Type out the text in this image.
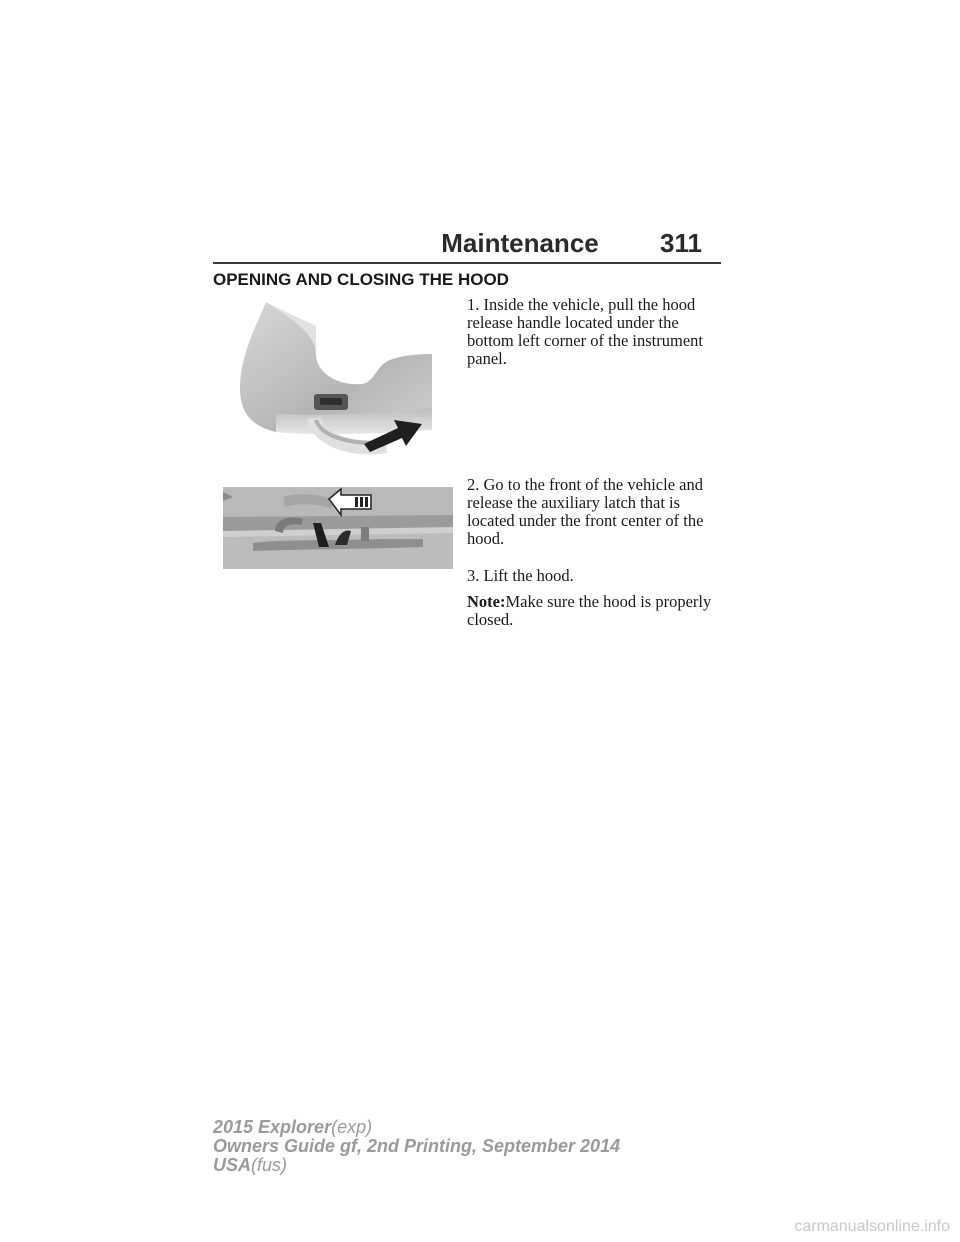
Maintenance	311
OPENING AND CLOSING THE HOOD
1. Inside the vehicle, pull the hood release handle located under the bottom left corner of the instrument panel.
2. Go to the front of the vehicle and release the auxiliary latch that is located under the front center of the hood.
3. Lift the hood.
Note:Make sure the hood is properly closed.
2015 Explorer(exp)
Owners Guide gf, 2nd Printing, September 2014
USA(fus)
carmanualsonline.info
